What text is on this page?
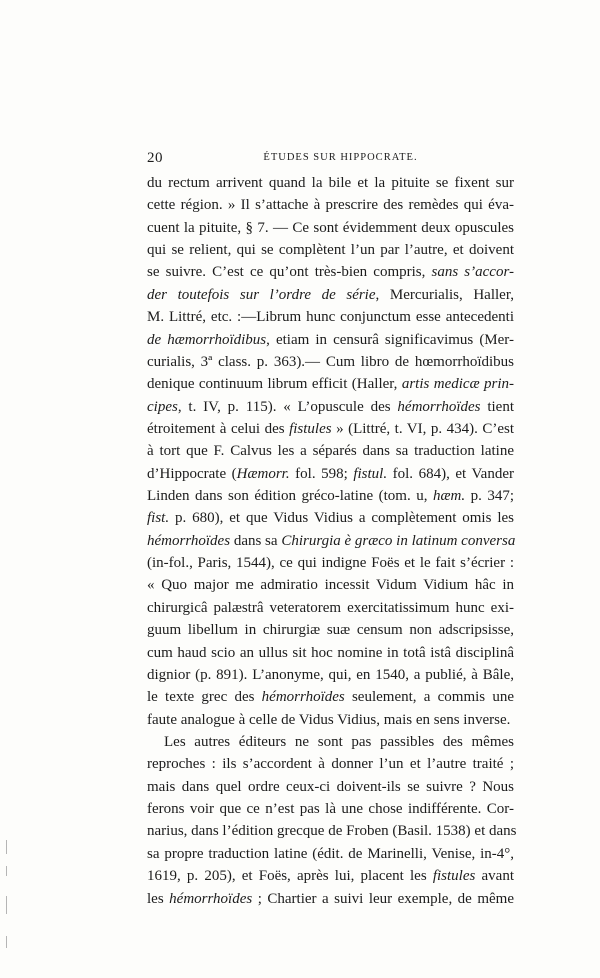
20	ÉTUDES SUR HIPPOCRATE.
du rectum arrivent quand la bile et la pituite se fixent sur
cette région. » Il s’attache à prescrire des remèdes qui éva-
cuent la pituite, § 7. — Ce sont évidemment deux opuscules
qui se relient, qui se complètent l’un par l’autre, et doivent
se suivre. C’est ce qu’ont très-bien compris, sans s’accor-
der toutefois sur l’ordre de série, Mercurialis, Haller,
M. Littré, etc. :—Librum hunc conjunctum esse antecedenti
de hæmorrhoïdibus, etiam in censurâ significavimus (Mer-
curialis, 3ª class. p. 363).— Cum libro de hœmorrhoïdibus
denique continuum librum efficit (Haller, artis medicæ prin-
cipes, t. IV, p. 115). « L’opuscule des hémorrhoïdes tient
étroitement à celui des fistules » (Littré, t. VI, p. 434). C’est
à tort que F. Calvus les a séparés dans sa traduction latine
d’Hippocrate (Hæmorr. fol. 598; fistul. fol. 684), et Vander
Linden dans son édition gréco-latine (tom. u, hæm. p. 347;
fist. p. 680), et que Vidus Vidius a complètement omis les
hémorrhoïdes dans sa Chirurgia è græco in latinum conversa
(in-fol., Paris, 1544), ce qui indigne Foës et le fait s’écrier :
« Quo major me admiratio incessit Vidum Vidium hâc in
chirurgicâ palæstrâ veteratorem exercitatissimum hunc exi-
guum libellum in chirurgiæ suæ censum non adscripsisse,
cum haud scio an ullus sit hoc nomine in totâ istâ disciplinâ
dignior (p. 891). L’anonyme, qui, en 1540, a publié, à Bâle,
le texte grec des hémorrhoïdes seulement, a commis une
faute analogue à celle de Vidus Vidius, mais en sens inverse.
Les autres éditeurs ne sont pas passibles des mêmes
reproches : ils s’accordent à donner l’un et l’autre traité ;
mais dans quel ordre ceux-ci doivent-ils se suivre ? Nous
ferons voir que ce n’est pas là une chose indifférente. Cor-
narius, dans l’édition grecque de Froben (Basil. 1538) et dans
sa propre traduction latine (édit. de Marinelli, Venise, in-4°,
1619, p. 205), et Foës, après lui, placent les fistules avant
les hémorrhoïdes ; Chartier a suivi leur exemple, de même
